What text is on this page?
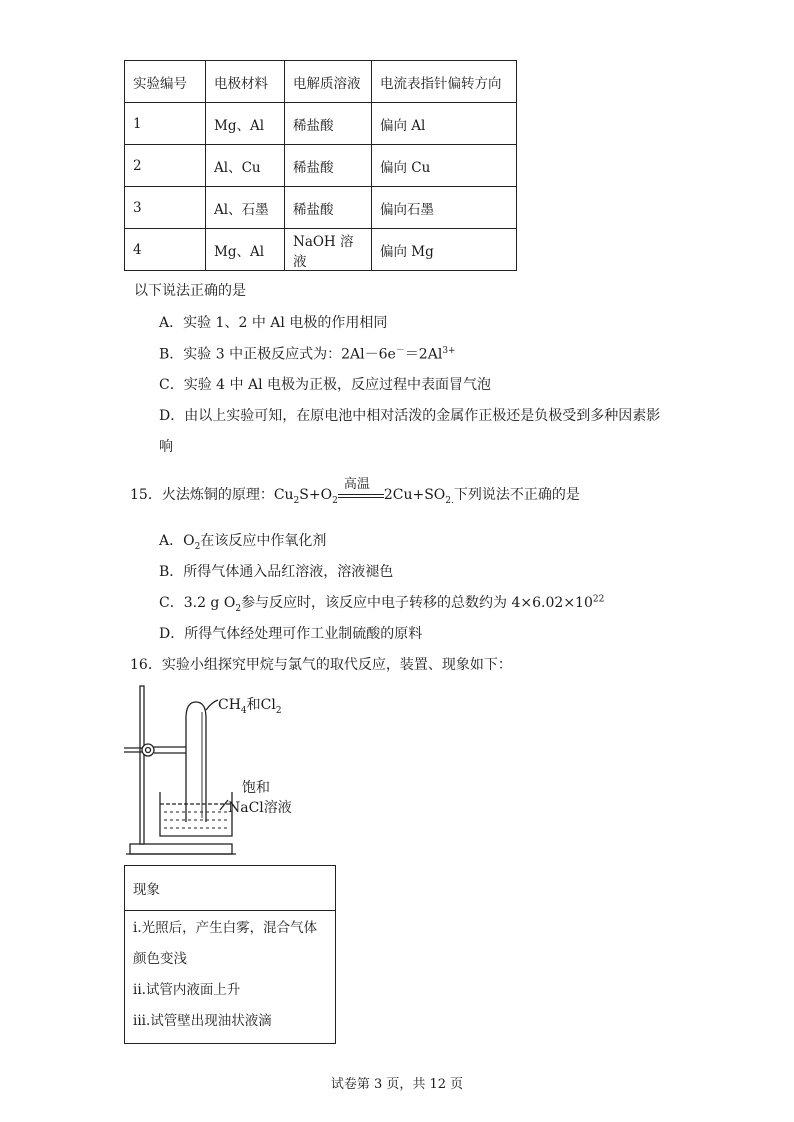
实验编号	电极材料	电解质溶液	电流表指针偏转方向
1	Mg、Al	稀盐酸	偏向 Al
2	Al、Cu	稀盐酸	偏向 Cu
3	Al、石墨	稀盐酸	偏向石墨
4	Mg、Al	NaOH 溶液	偏向 Mg
以下说法正确的是
A．实验 1、2 中 Al 电极的作用相同
B．实验 3 中正极反应式为：$2Al-6e^-=2Al^{3+}$
C．实验 4 中 Al 电极为正极，反应过程中表面冒气泡
D．由以上实验可知，在原电池中相对活泼的金属作正极还是负极受到多种因素影
响
15．火法炼铜的原理：$Cu_2S+O_2$
高温
$2Cu+SO_{2.}$下列说法不正确的是
A．$O_2$在该反应中作氧化剂
B．所得气体通入品红溶液，溶液褪色
C．3.2 g $O_2$参与反应时，该反应中电子转移的总数约为 $4\times 6.02\times 10^{22}$
D．所得气体经处理可作工业制硫酸的原料
16．实验小组探究甲烷与氯气的取代反应，装置、现象如下：
$CH_4$和$Cl_2$
饱和
NaCl溶液
现象

i.光照后，产生白雾，混合气体
颜色变浅
ii.试管内液面上升
iii.试管壁出现油状液滴
试卷第 3 页，共 12 页
